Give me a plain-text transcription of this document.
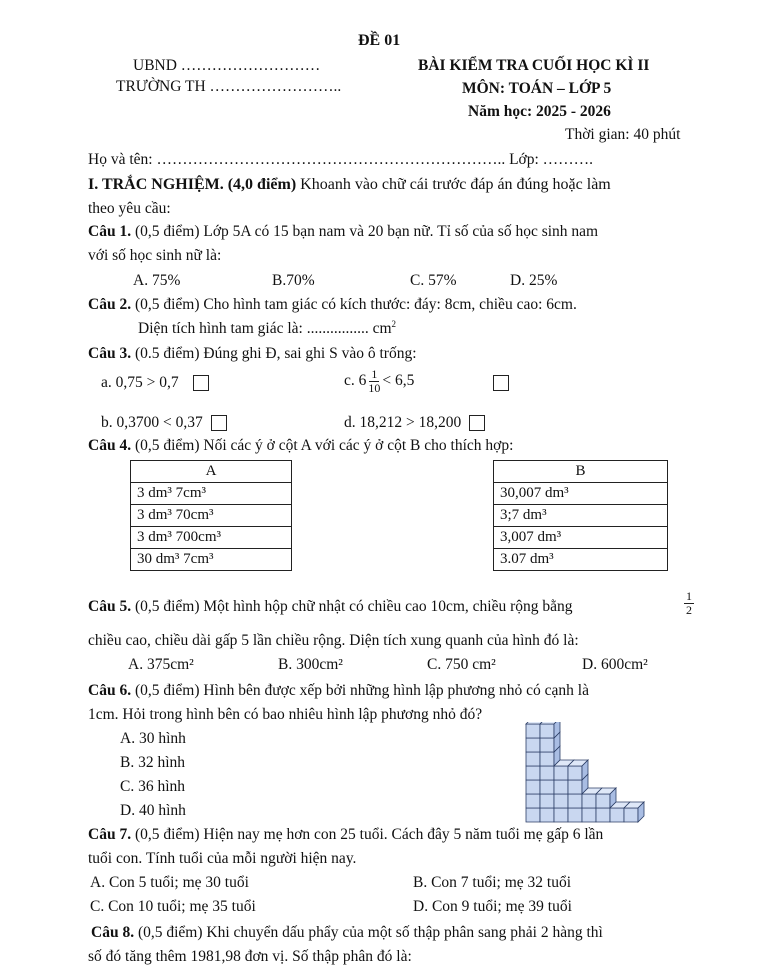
ĐỀ 01
UBND ………………………
TRƯỜNG TH ……………………..
BÀI KIỂM TRA CUỐI HỌC KÌ II
MÔN: TOÁN – LỚP 5
Năm học: 2025 - 2026
Thời gian: 40 phút
Họ và tên: ………………………………………………………….. Lớp: ……….
I. TRẮC NGHIỆM. (4,0 điểm) Khoanh vào chữ cái trước đáp án đúng hoặc làm
theo yêu cầu:
Câu 1. (0,5 điểm) Lớp 5A có 15 bạn nam và 20 bạn nữ. Tỉ số của số học sinh nam
với số học sinh nữ là:
A. 75%	B.70%	C. 57%	D. 25%
Câu 2. (0,5 điểm) Cho hình tam giác có kích thước: đáy: 8cm, chiều cao: 6cm.
Diện tích hình tam giác là: ................ $cm^2$
Câu 3. (0.5 điểm) Đúng ghi Đ, sai ghi S vào ô trống:
a. 0,75 > 0,7	c. $6 \frac{1}{10} < 6,5$
b. 0,3700 < 0,37	d. 18,212 > 18,200
Câu 4. (0,5 điểm) Nối các ý ở cột A với các ý ở cột B cho thích hợp:
A
3 dm³ 7cm³
3 dm³ 70cm³
3 dm³ 700cm³
30 dm³ 7cm³
B
30,007 dm³
3;7 dm³
3,007 dm³
3.07 dm³
Câu 5. (0,5 điểm) Một hình hộp chữ nhật có chiều cao 10cm, chiều rộng bằng	$\frac{1}{2}$
chiều cao, chiều dài gấp 5 lần chiều rộng. Diện tích xung quanh của hình đó là:
A. 375cm²	B. 300cm²	C. 750 cm²	D. 600cm²
Câu 6. (0,5 điểm) Hình bên được xếp bởi những hình lập phương nhỏ có cạnh là
1cm. Hỏi trong hình bên có bao nhiêu hình lập phương nhỏ đó?
A. 30 hình
B. 32 hình
C. 36 hình
D. 40 hình
Câu 7. (0,5 điểm) Hiện nay mẹ hơn con 25 tuổi. Cách đây 5 năm tuổi mẹ gấp 6 lần
tuổi con. Tính tuổi của mỗi người hiện nay.
A. Con 5 tuổi; mẹ 30 tuổi	B. Con 7 tuổi; mẹ 32 tuổi
C. Con 10 tuổi; mẹ 35 tuổi	D. Con 9 tuổi; mẹ 39 tuổi
Câu 8. (0,5 điểm) Khi chuyển dấu phẩy của một số thập phân sang phải 2 hàng thì
số đó tăng thêm 1981,98 đơn vị. Số thập phân đó là:
